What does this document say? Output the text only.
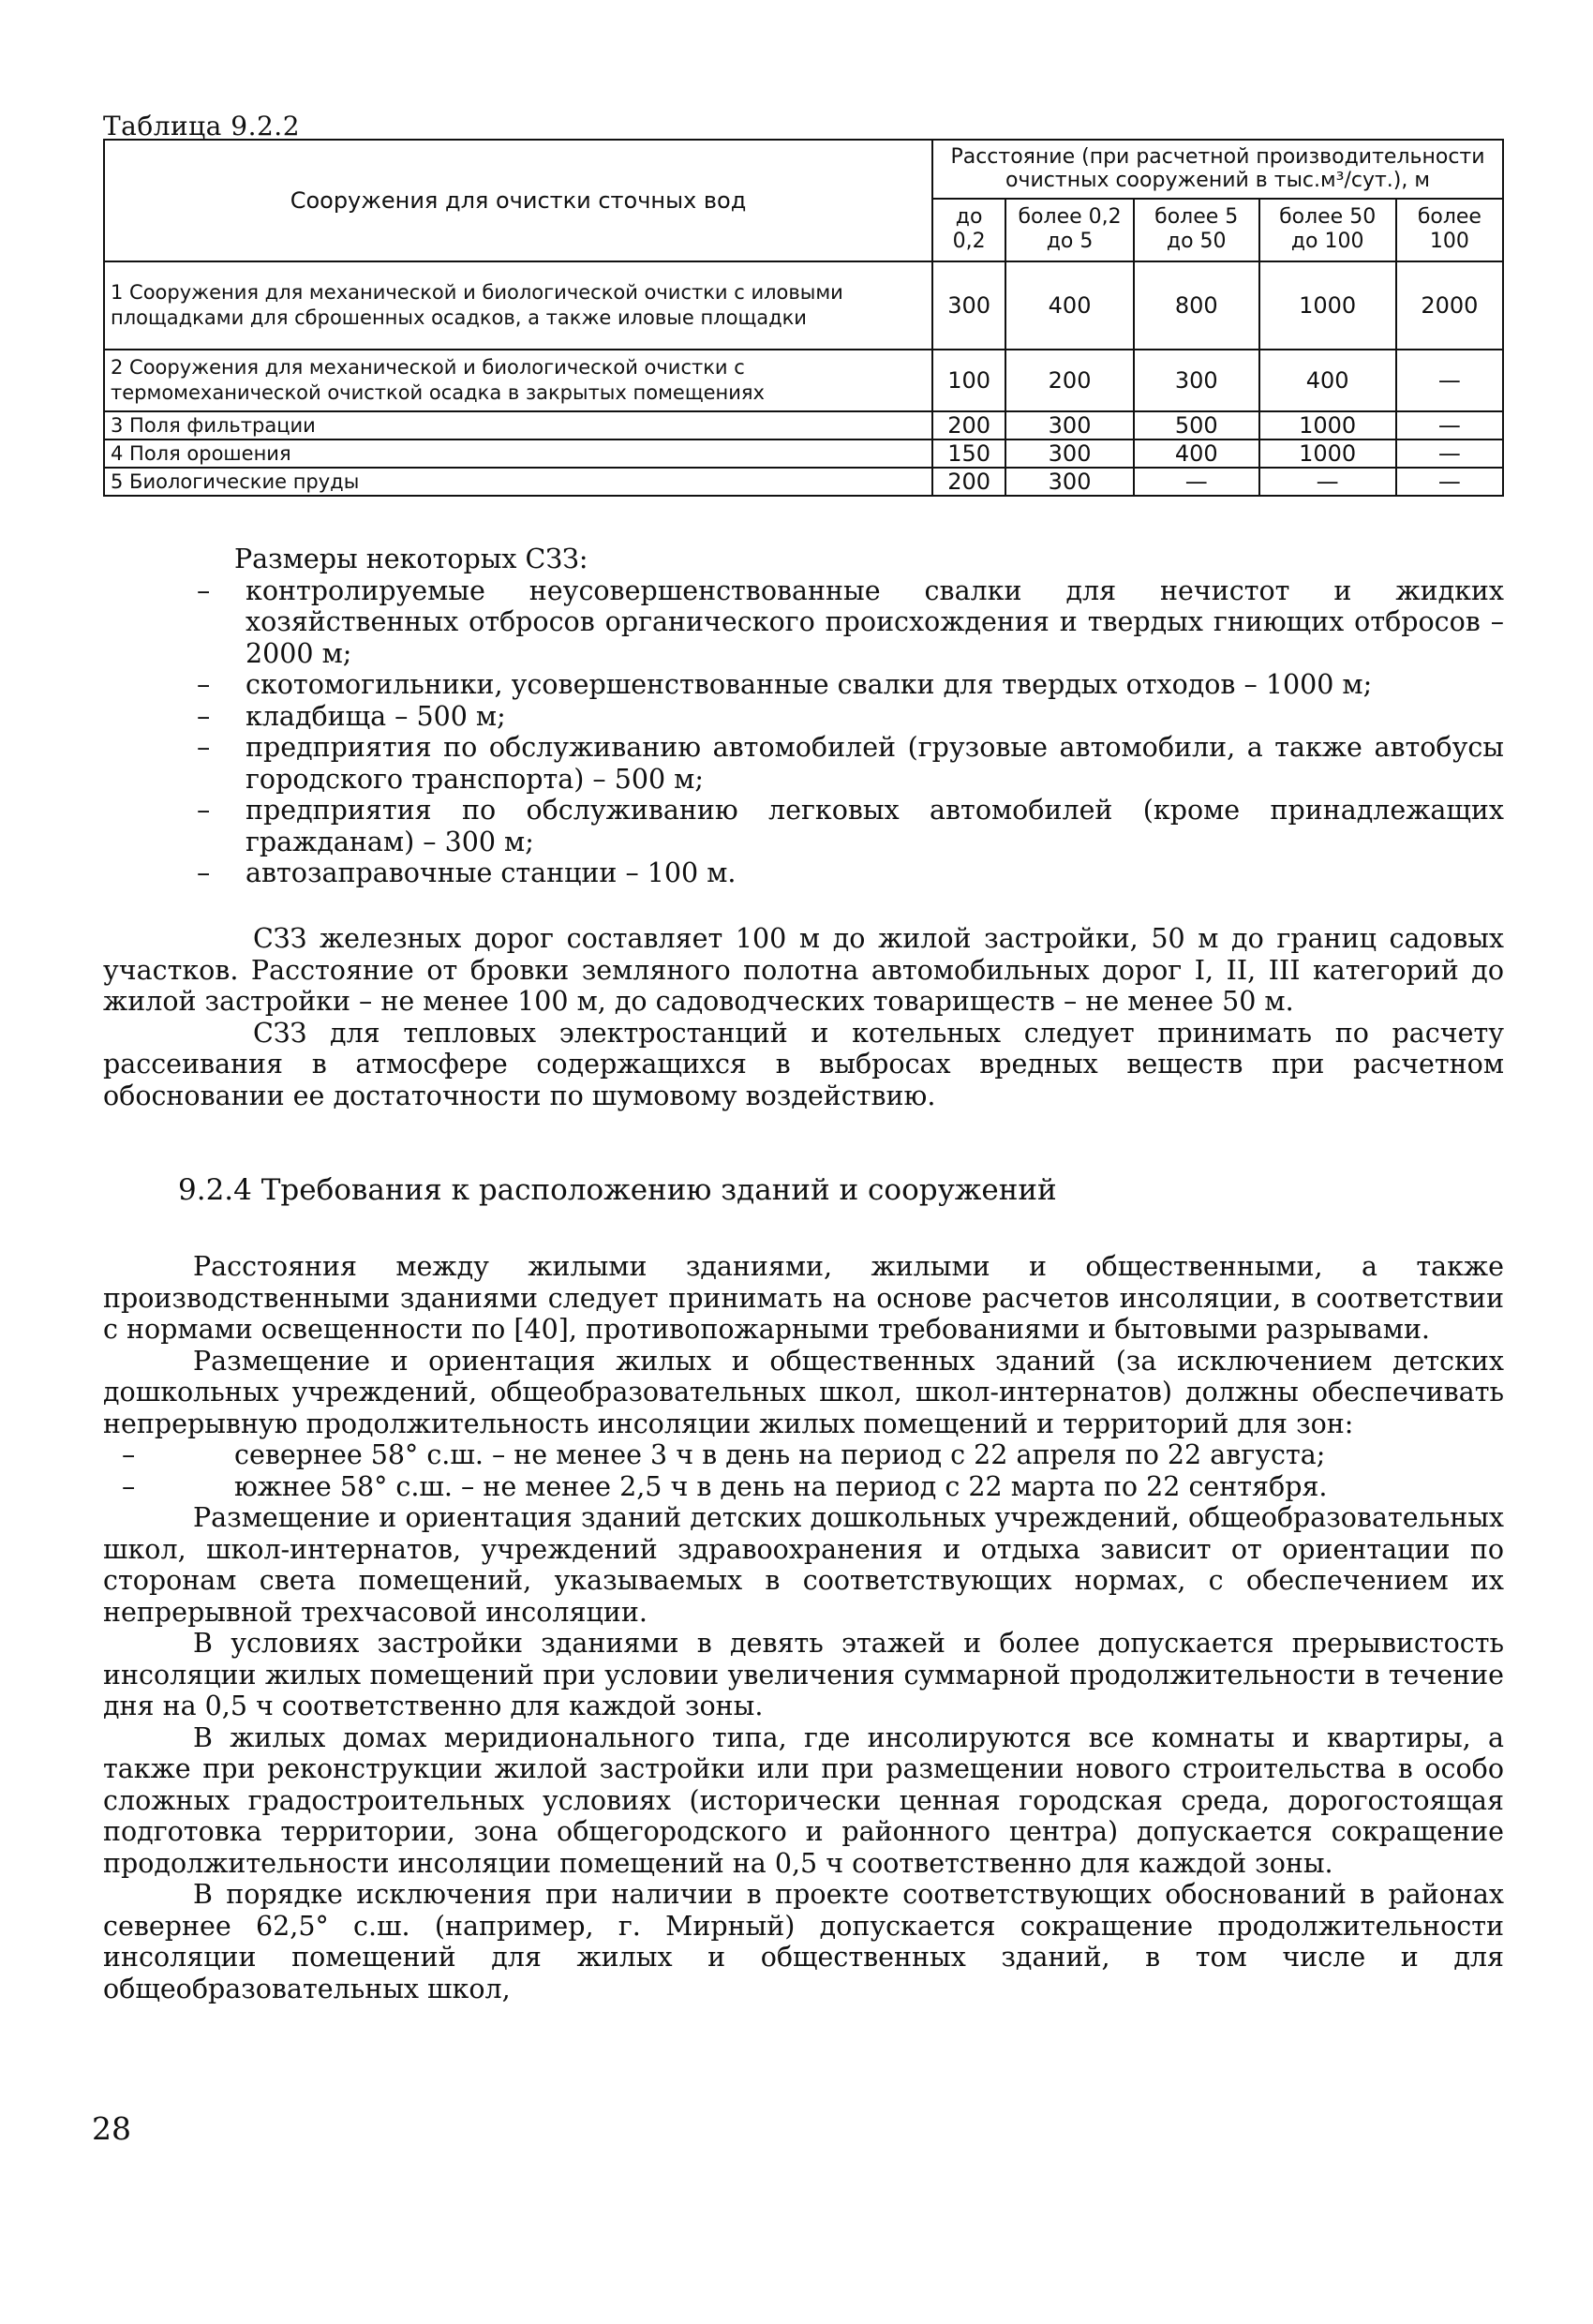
Таблица 9.2.2
Сооружения для очистки сточных вод	Расстояние (при расчетной производительности очистных сооружений в тыс.м³/сут.), м				
	до 0,2	более 0,2 до 5	более 5 до 50	более 50 до 100	более 100
1 Сооружения для механической и биологической очистки с иловыми площадками для сброшенных осадков, а также иловые площадки	300	400	800	1000	2000
2 Сооружения для механической и биологической очистки с термомеханической очисткой осадка в закрытых помещениях	100	200	300	400	—
3 Поля фильтрации	200	300	500	1000	—
4 Поля орошения	150	300	400	1000	—
5 Биологические пруды	200	300	—	—	—
Размеры некоторых СЗЗ:
– контролируемые неусовершенствованные свалки для нечистот и жидких хозяйственных отбросов органического происхождения и твердых гниющих отбросов – 2000 м;
– скотомогильники, усовершенствованные свалки для твердых отходов – 1000 м;
– кладбища – 500 м;
– предприятия по обслуживанию автомобилей (грузовые автомобили, а также автобусы городского транспорта) – 500 м;
– предприятия по обслуживанию легковых автомобилей (кроме принадлежащих гражданам) – 300 м;
– автозаправочные станции – 100 м.

СЗЗ железных дорог составляет 100 м до жилой застройки, 50 м до границ садовых участков. Расстояние от бровки земляного полотна автомобильных дорог I, II, III категорий до жилой застройки – не менее 100 м, до садоводческих товариществ – не менее 50 м.

СЗЗ для тепловых электростанций и котельных следует принимать по расчету рассеивания в атмосфере содержащихся в выбросах вредных веществ при расчетном обосновании ее достаточности по шумовому воздействию.

9.2.4 Требования к расположению зданий и сооружений

Расстояния между жилыми зданиями, жилыми и общественными, а также производственными зданиями следует принимать на основе расчетов инсоляции, в соответствии с нормами освещенности по [40], противопожарными требованиями и бытовыми разрывами.

Размещение и ориентация жилых и общественных зданий (за исключением детских дошкольных учреждений, общеобразовательных школ, школ-интернатов) должны обеспечивать непрерывную продолжительность инсоляции жилых помещений и территорий для зон:

– севернее 58° с.ш. – не менее 3 ч в день на период с 22 апреля по 22 августа;
– южнее 58° с.ш. – не менее 2,5 ч в день на период с 22 марта по 22 сентября.

Размещение и ориентация зданий детских дошкольных учреждений, общеобразовательных школ, школ-интернатов, учреждений здравоохранения и отдыха зависит от ориентации по сторонам света помещений, указываемых в соответствующих нормах, с обеспечением их непрерывной трехчасовой инсоляции.

В условиях застройки зданиями в девять этажей и более допускается прерывистость инсоляции жилых помещений при условии увеличения суммарной продолжительности в течение дня на 0,5 ч соответственно для каждой зоны.

В жилых домах меридионального типа, где инсолируются все комнаты и квартиры, а также при реконструкции жилой застройки или при размещении нового строительства в особо сложных градостроительных условиях (исторически ценная городская среда, дорогостоящая подготовка территории, зона общегородского и районного центра) допускается сокращение продолжительности инсоляции помещений на 0,5 ч соответственно для каждой зоны.

В порядке исключения при наличии в проекте соответствующих обоснований в районах севернее 62,5° с.ш. (например, г. Мирный) допускается сокращение продолжительности инсоляции помещений для жилых и общественных зданий, в том числе и для общеобразовательных школ,

28
